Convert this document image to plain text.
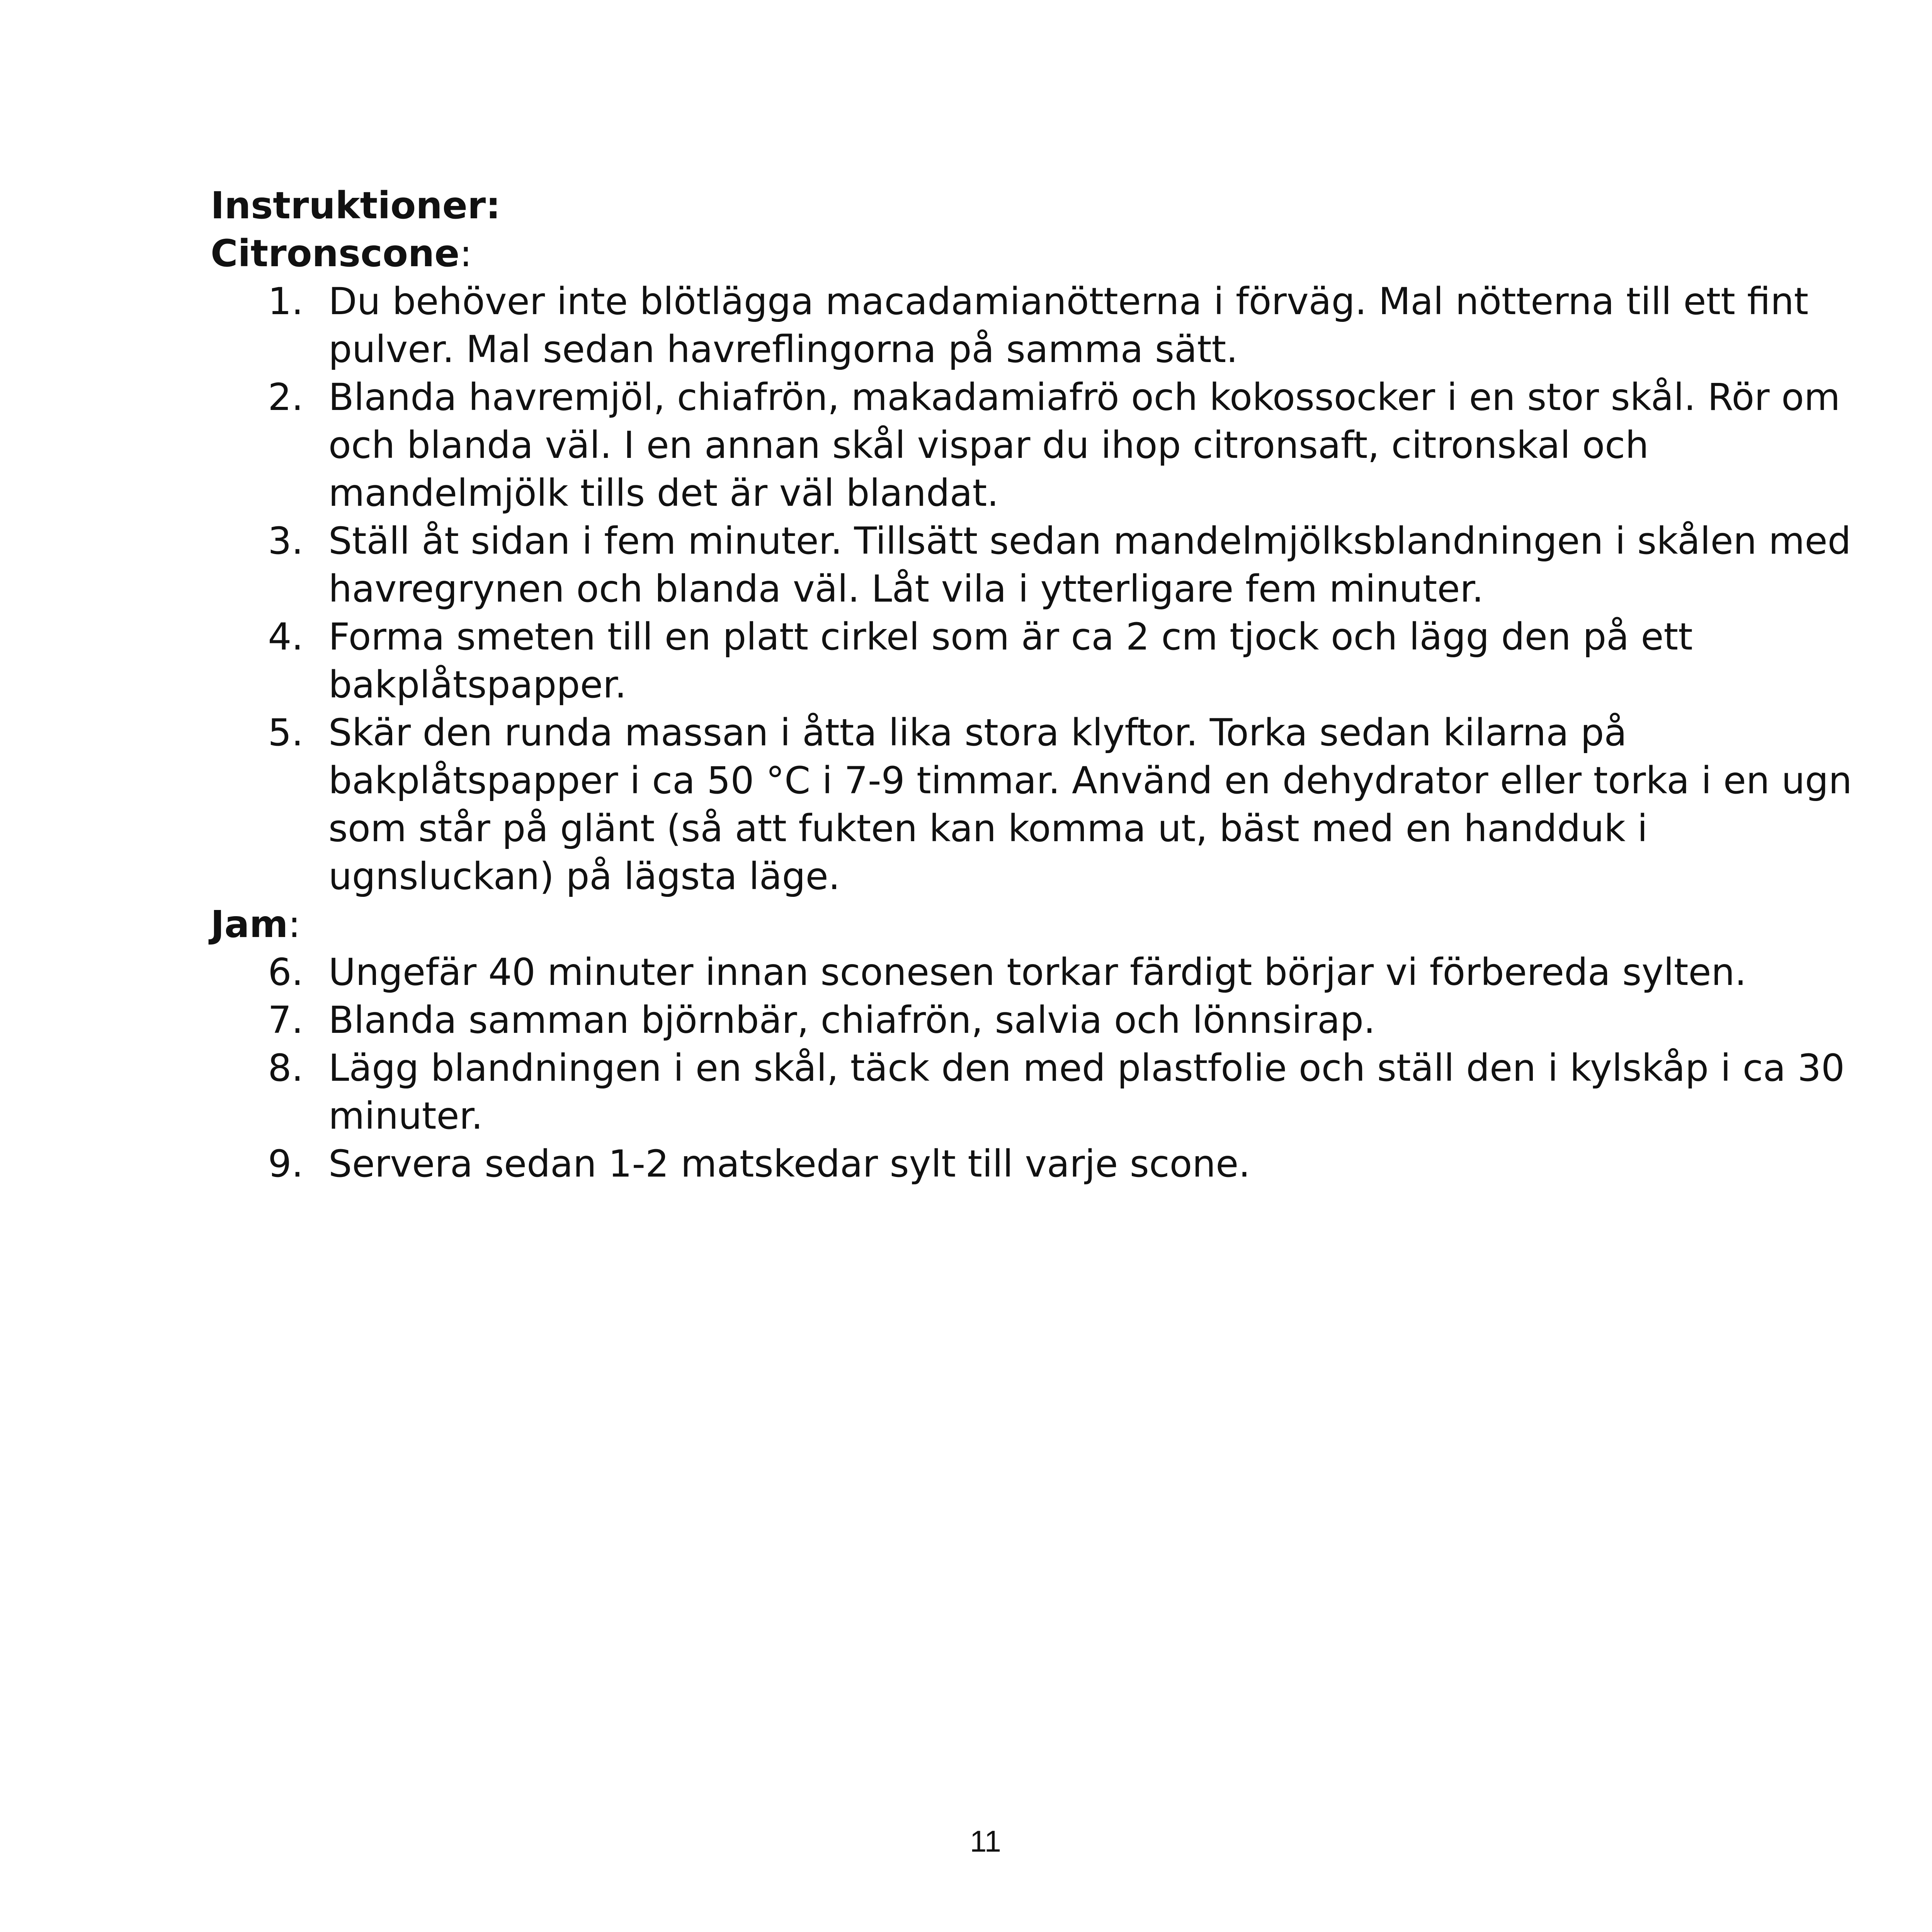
Instruktioner:
Citronscone:
1. Du behöver inte blötlägga macadamianötterna i förväg. Mal nötterna till ett fint pulver. Mal sedan havreflingorna på samma sätt.
2. Blanda havremjöl, chiafrön, makadamiafrö och kokossocker i en stor skål. Rör om och blanda väl. I en annan skål vispar du ihop citronsaft, citronskal och mandelmjölk tills det är väl blandat.
3. Ställ åt sidan i fem minuter. Tillsätt sedan mandelmjölksblandningen i skålen med havregrynen och blanda väl. Låt vila i ytterligare fem minuter.
4. Forma smeten till en platt cirkel som är ca 2 cm tjock och lägg den på ett bakplåtspapper.
5. Skär den runda massan i åtta lika stora klyftor. Torka sedan kilarna på bakplåtspapper i ca 50 °C i 7-9 timmar. Använd en dehydrator eller torka i en ugn som står på glänt (så att fukten kan komma ut, bäst med en handduk i ugnsluckan) på lägsta läge.
Jam:
6. Ungefär 40 minuter innan sconesen torkar färdigt börjar vi förbereda sylten.
7. Blanda samman björnbär, chiafrön, salvia och lönnsirap.
8. Lägg blandningen i en skål, täck den med plastfolie och ställ den i kylskåp i ca 30 minuter.
9. Servera sedan 1-2 matskedar sylt till varje scone.
11
